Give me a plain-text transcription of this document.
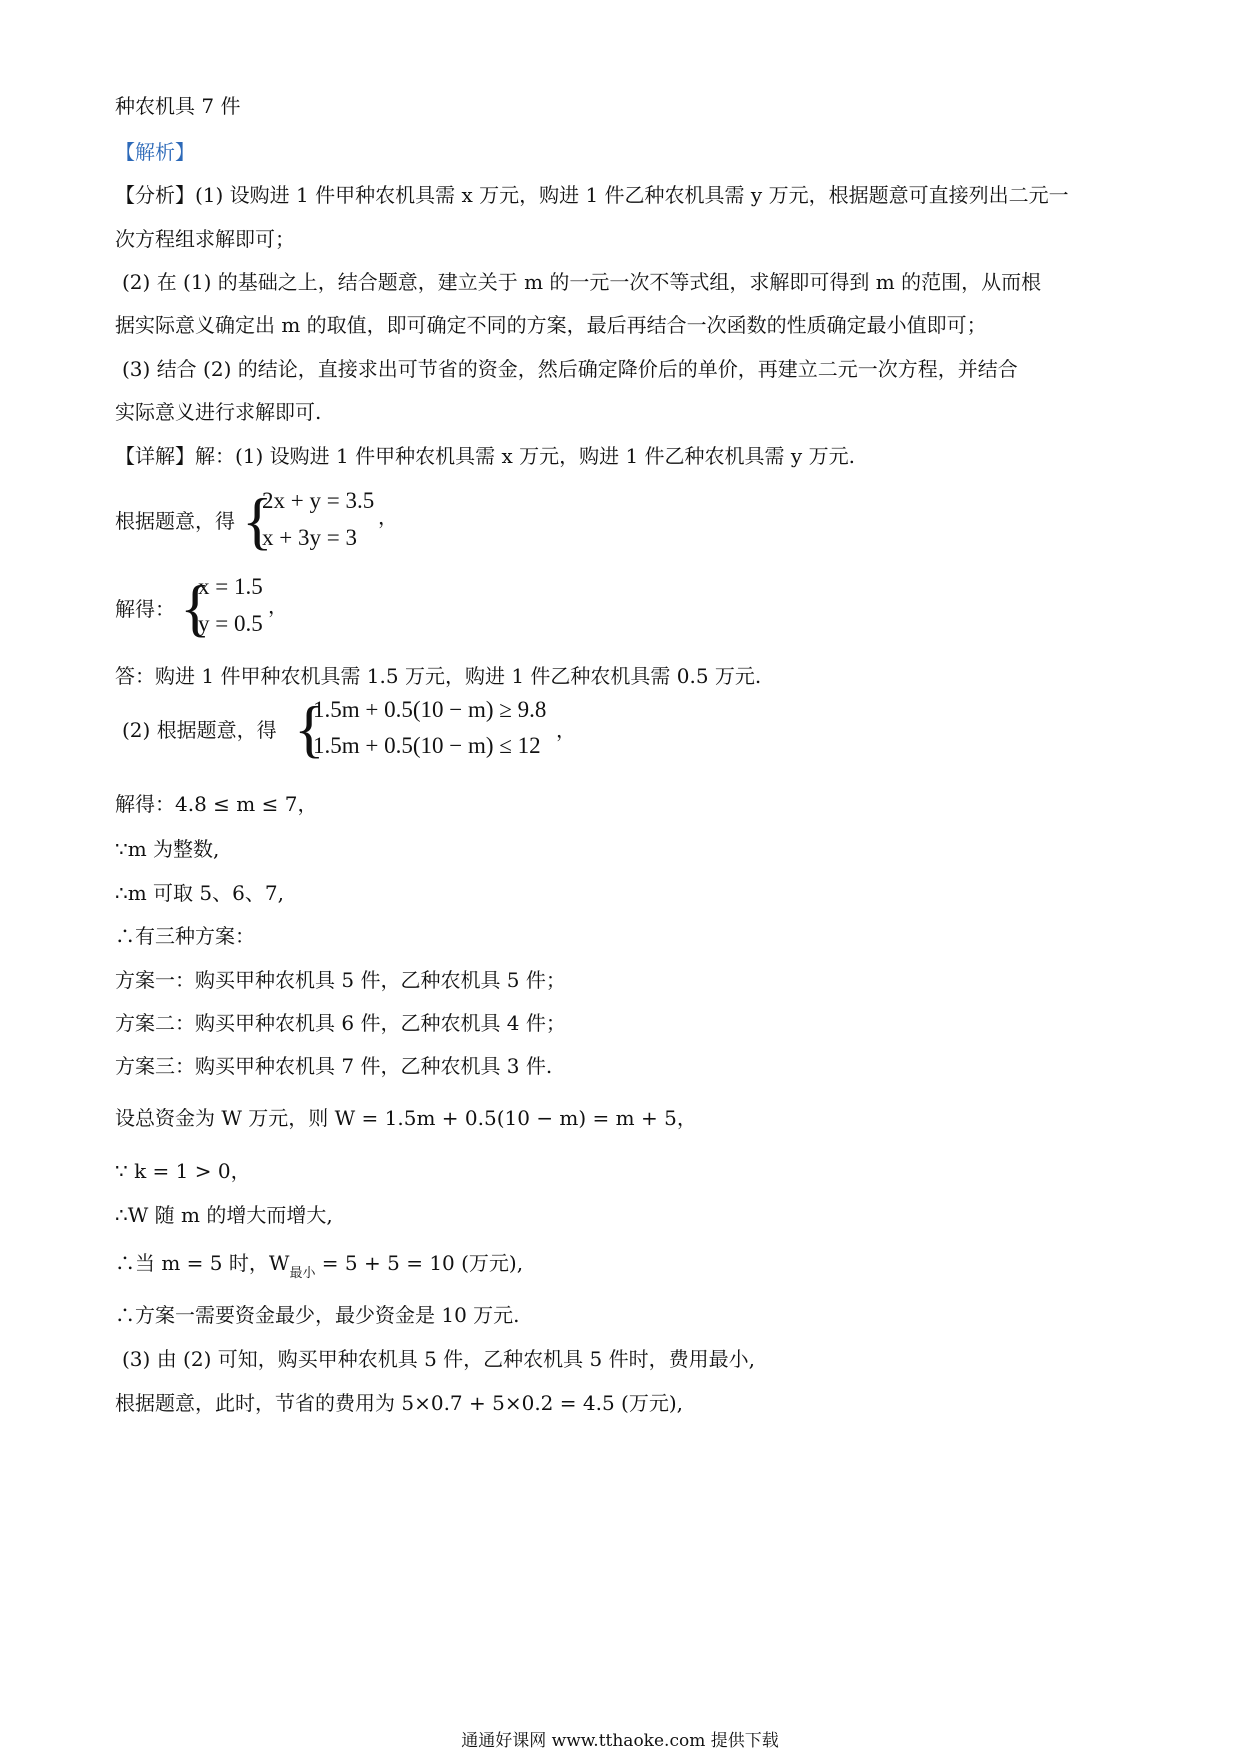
种农机具 7 件
【解析】
【分析】(1) 设购进 1 件甲种农机具需 x 万元，购进 1 件乙种农机具需 y 万元，根据题意可直接列出二元一
次方程组求解即可；
(2) 在 (1) 的基础之上，结合题意，建立关于 m 的一元一次不等式组，求解即可得到 m 的范围，从而根
据实际意义确定出 m 的取值，即可确定不同的方案，最后再结合一次函数的性质确定最小值即可；
(3) 结合 (2) 的结论，直接求出可节省的资金，然后确定降价后的单价，再建立二元一次方程，并结合
实际意义进行求解即可.
【详解】解：(1) 设购进 1 件甲种农机具需 x 万元，购进 1 件乙种农机具需 y 万元.
根据题意，得 {
2x + y = 3.5
x + 3y = 3
，
解得： {
x = 1.5
y = 0.5
，
答：购进 1 件甲种农机具需 1.5 万元，购进 1 件乙种农机具需 0.5 万元.
(2) 根据题意，得 {
1.5m + 0.5(10 − m) ≥ 9.8
1.5m + 0.5(10 − m) ≤ 12
，
解得：4.8 ≤ m ≤ 7，
∵m 为整数,
∴m 可取 5、6、7,
∴有三种方案：
方案一：购买甲种农机具 5 件，乙种农机具 5 件；
方案二：购买甲种农机具 6 件，乙种农机具 4 件；
方案三：购买甲种农机具 7 件，乙种农机具 3 件.
设总资金为 W 万元，则 W = 1.5m + 0.5(10 − m) = m + 5，
∵ k = 1 > 0，
∴W 随 m 的增大而增大,
∴当 m = 5 时，$W_{最小} = 5 + 5 = 10$ (万元),
∴方案一需要资金最少，最少资金是 10 万元.
(3) 由 (2) 可知，购买甲种农机具 5 件，乙种农机具 5 件时，费用最小,
根据题意，此时，节省的费用为 5×0.7 + 5×0.2 = 4.5 (万元),
通通好课网 www.tthaoke.com 提供下载
